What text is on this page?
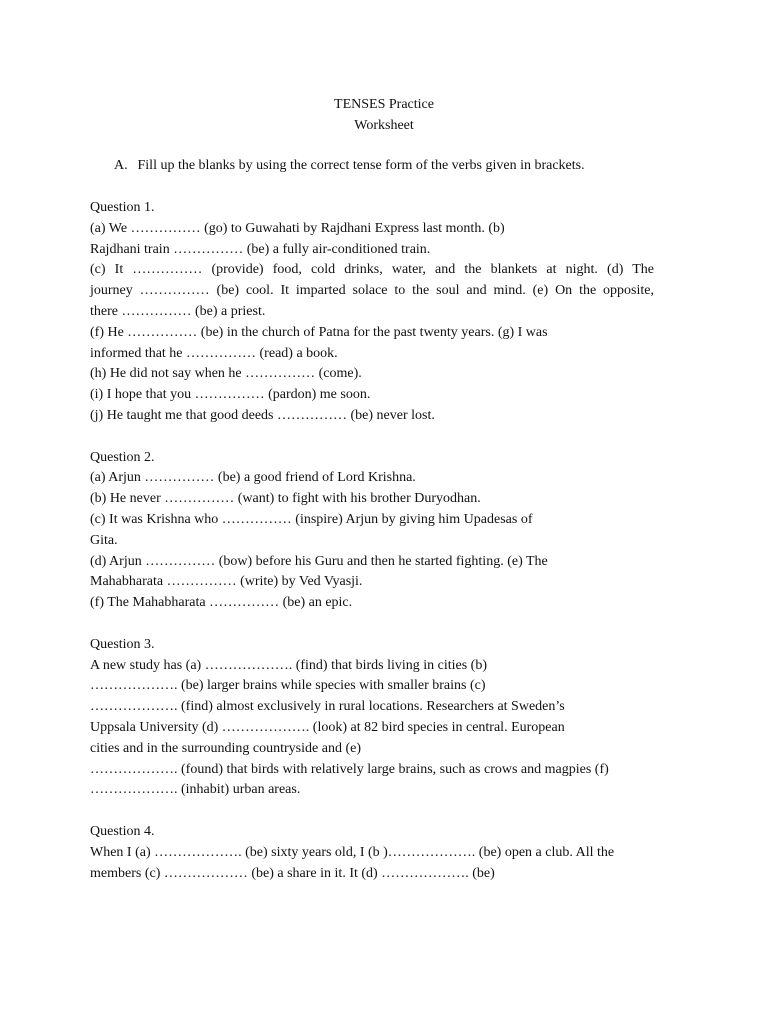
TENSES Practice
Worksheet
A. Fill up the blanks by using the correct tense form of the verbs given in brackets.
Question 1.
(a) We …………… (go) to Guwahati by Rajdhani Express last month. (b)
Rajdhani train …………… (be) a fully air-conditioned train.
(c) It …………… (provide) food, cold drinks, water, and the blankets at night. (d) The
journey …………… (be) cool. It imparted solace to the soul and mind. (e) On the opposite,
there …………… (be) a priest.
(f) He …………… (be) in the church of Patna for the past twenty years. (g) I was
informed that he …………… (read) a book.
(h) He did not say when he …………… (come).
(i) I hope that you …………… (pardon) me soon.
(j) He taught me that good deeds …………… (be) never lost.
Question 2.
(a) Arjun …………… (be) a good friend of Lord Krishna.
(b) He never …………… (want) to fight with his brother Duryodhan.
(c) It was Krishna who …………… (inspire) Arjun by giving him Upadesas of
Gita.
(d) Arjun …………… (bow) before his Guru and then he started fighting. (e) The
Mahabharata …………… (write) by Ved Vyasji.
(f) The Mahabharata …………… (be) an epic.
Question 3.
A new study has (a) ………………. (find) that birds living in cities (b)
………………. (be) larger brains while species with smaller brains (c)
………………. (find) almost exclusively in rural locations. Researchers at Sweden’s
Uppsala University (d) ………………. (look) at 82 bird species in central. European
cities and in the surrounding countryside and (e)
………………. (found) that birds with relatively large brains, such as crows and magpies (f)
………………. (inhabit) urban areas.
Question 4.
When I (a) ………………. (be) sixty years old, I (b )………………. (be) open a club. All the
members (c) ……………… (be) a share in it. It (d) ………………. (be)
